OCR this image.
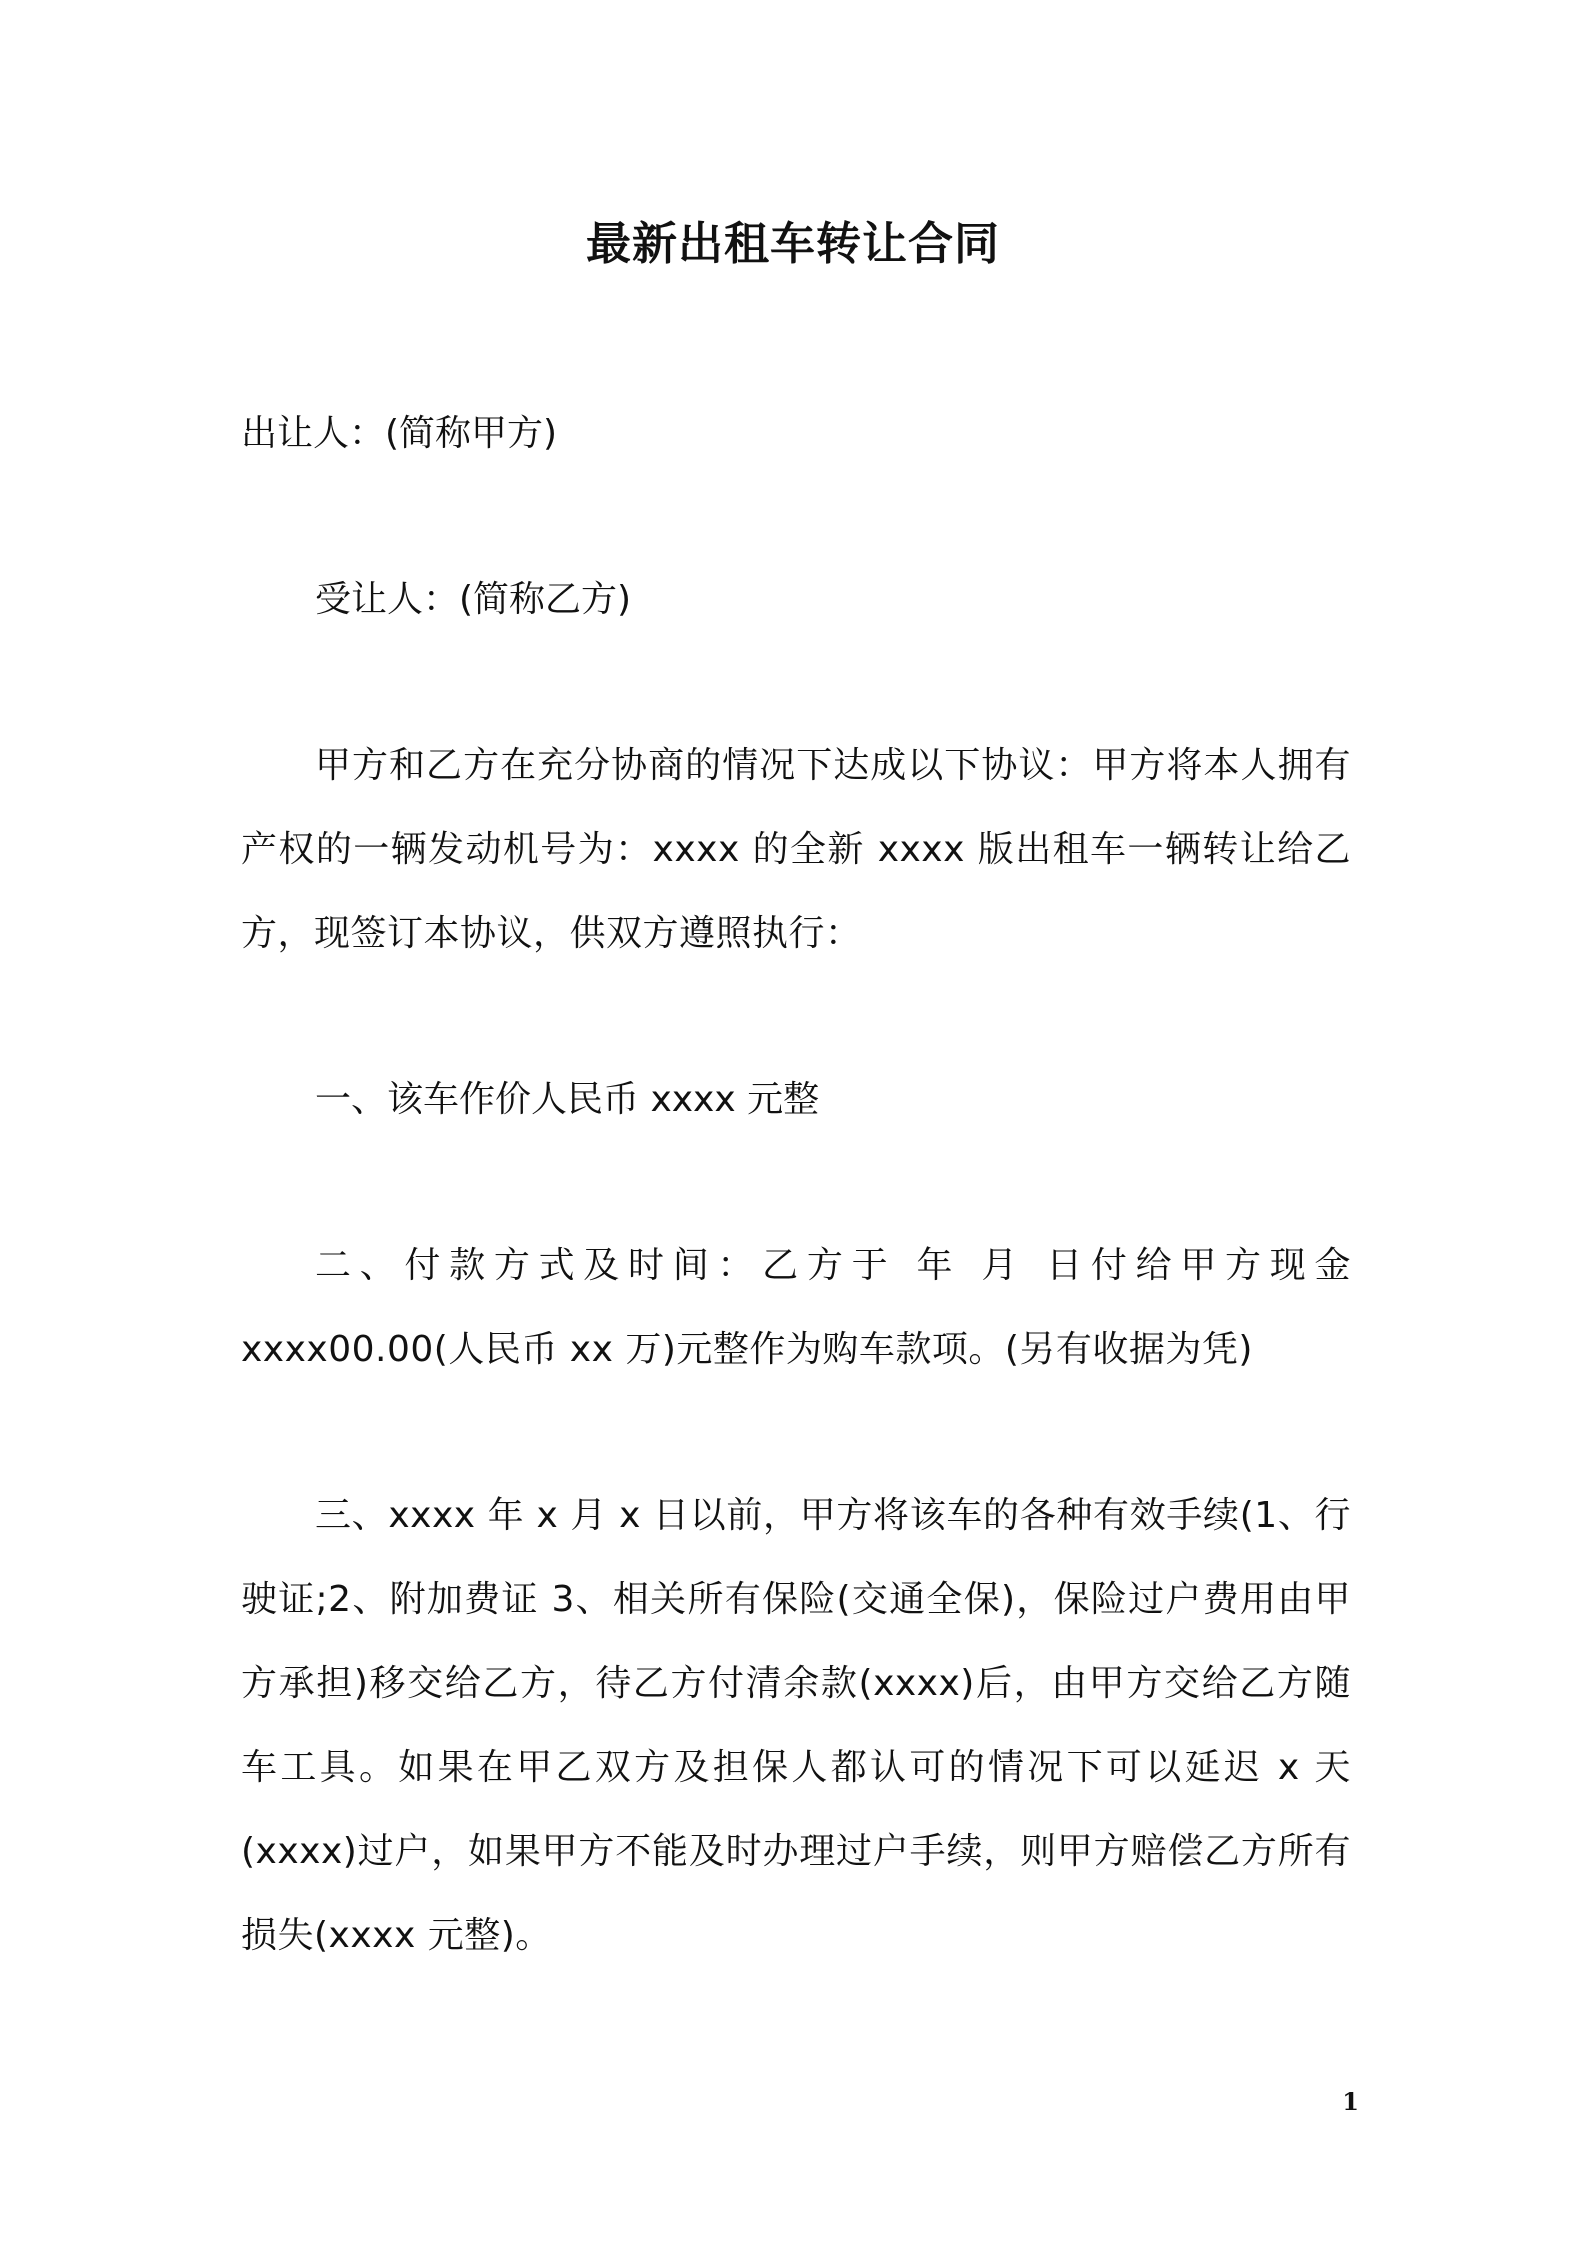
最新出租车转让合同
出让人：(简称甲方)
受让人：(简称乙方)

甲方和乙方在充分协商的情况下达成以下协议：甲方将本人拥有产权的一辆发动机号为：xxxx 的全新 xxxx 版出租车一辆转让给乙方，现签订本协议，供双方遵照执行：

一、该车作价人民币 xxxx 元整

二、付款方式及时间：乙方于 年 月 日付给甲方现金 xxxx00.00(人民币 xx 万)元整作为购车款项。(另有收据为凭)

三、xxxx 年 x 月 x 日以前，甲方将该车的各种有效手续(1、行驶证;2、附加费证 3、相关所有保险(交通全保)，保险过户费用由甲方承担)移交给乙方，待乙方付清余款(xxxx)后，由甲方交给乙方随车工具。如果在甲乙双方及担保人都认可的情况下可以延迟 x 天(xxxx)过户，如果甲方不能及时办理过户手续，则甲方赔偿乙方所有损失(xxxx 元整)。

1
